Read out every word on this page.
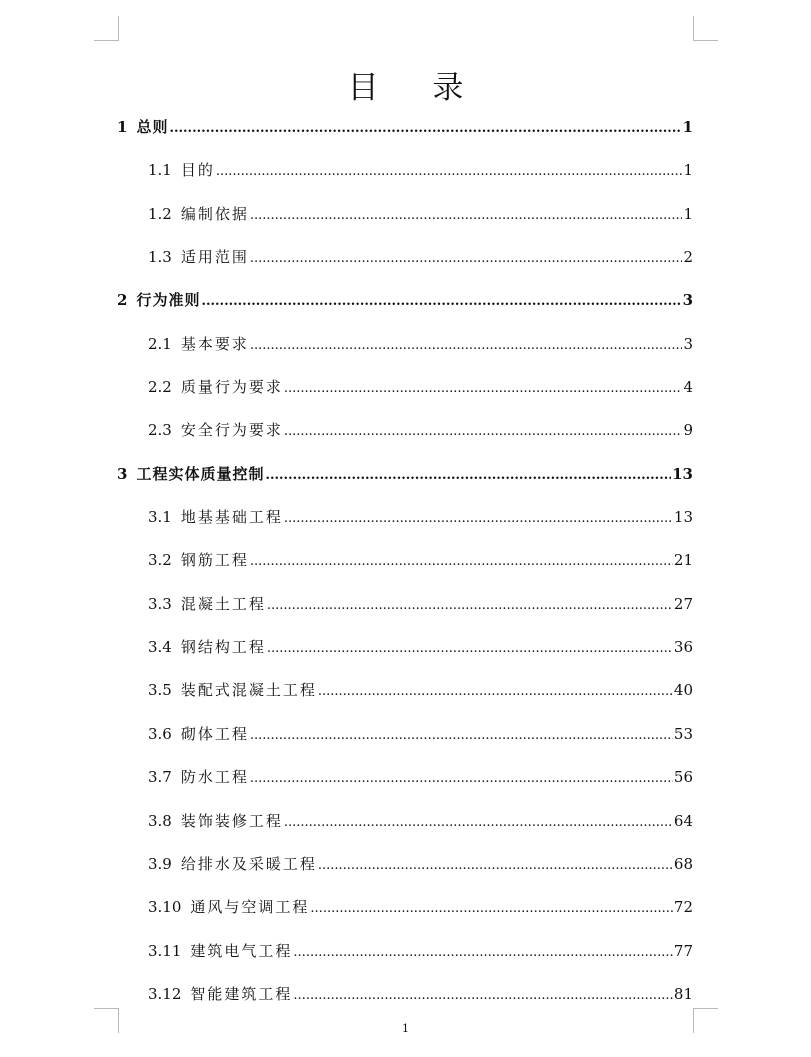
目 录
1 总则 .....	1
1.1 目的 .....	1
1.2 编制依据 .....	1
1.3 适用范围 .....	2
2 行为准则 .....	3
2.1 基本要求 .....	3
2.2 质量行为要求 .....	4
2.3 安全行为要求 .....	9
3 工程实体质量控制 .....	13
3.1 地基基础工程 .....	13
3.2 钢筋工程 .....	21
3.3 混凝土工程 .....	27
3.4 钢结构工程 .....	36
3.5 装配式混凝土工程 .....	40
3.6 砌体工程 .....	53
3.7 防水工程 .....	56
3.8 装饰装修工程 .....	64
3.9 给排水及采暖工程 .....	68
3.10 通风与空调工程 .....	72
3.11 建筑电气工程 .....	77
3.12 智能建筑工程 .....	81
1
